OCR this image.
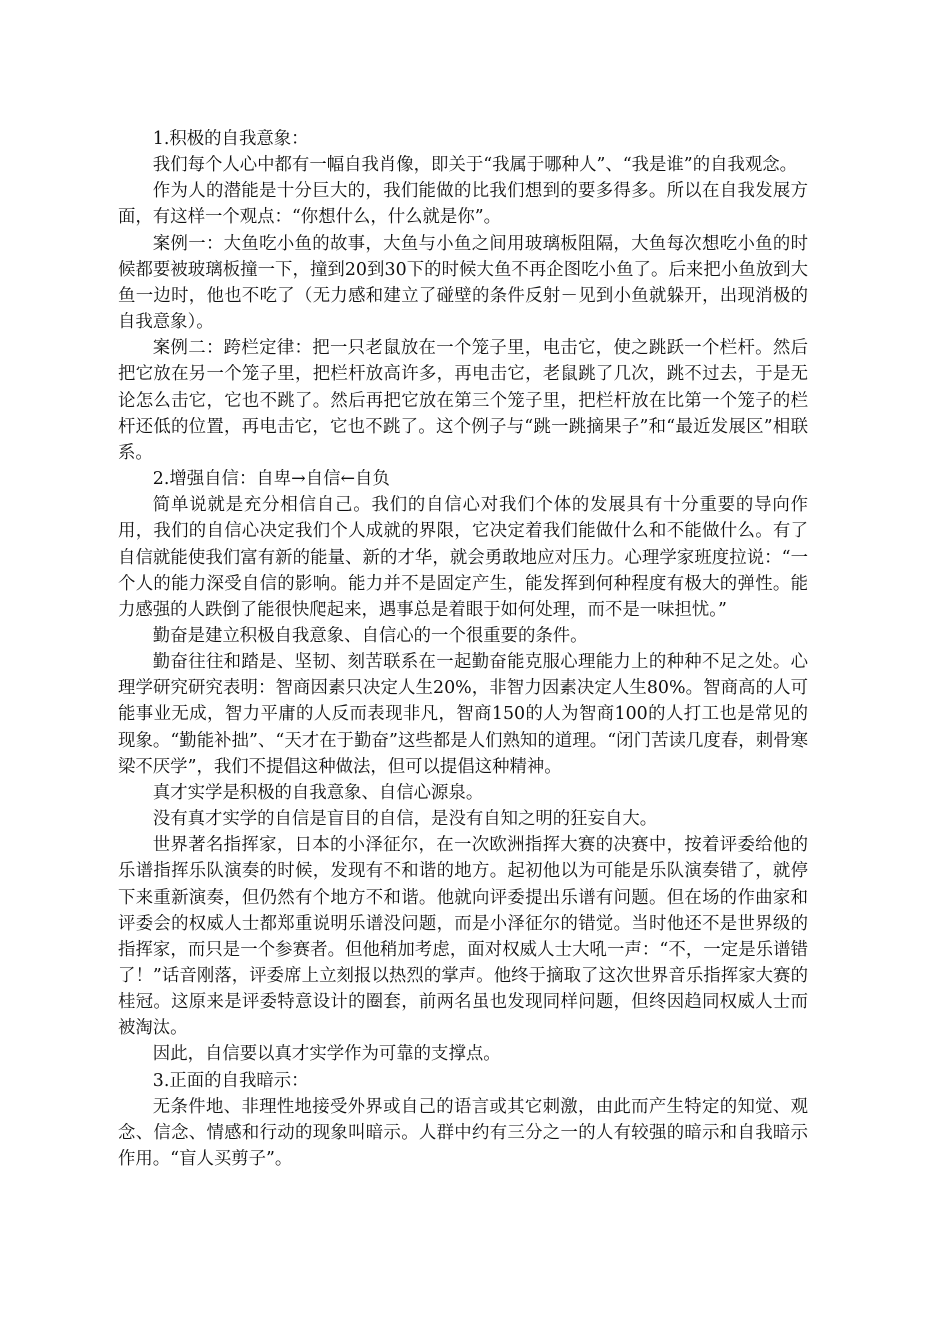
1.积极的自我意象：

我们每个人心中都有一幅自我肖像，即关于“我属于哪种人”、“我是谁”的自我观念。

作为人的潜能是十分巨大的，我们能做的比我们想到的要多得多。所以在自我发展方面，有这样一个观点：“你想什么，什么就是你”。

案例一：大鱼吃小鱼的故事，大鱼与小鱼之间用玻璃板阻隔，大鱼每次想吃小鱼的时候都要被玻璃板撞一下，撞到20到30下的时候大鱼不再企图吃小鱼了。后来把小鱼放到大鱼一边时，他也不吃了（无力感和建立了碰壁的条件反射－见到小鱼就躲开，出现消极的自我意象）。

案例二：跨栏定律：把一只老鼠放在一个笼子里，电击它，使之跳跃一个栏杆。然后把它放在另一个笼子里，把栏杆放高许多，再电击它，老鼠跳了几次，跳不过去，于是无论怎么击它，它也不跳了。然后再把它放在第三个笼子里，把栏杆放在比第一个笼子的栏杆还低的位置，再电击它，它也不跳了。这个例子与“跳一跳摘果子”和“最近发展区”相联系。

2.增强自信：自卑→自信←自负

简单说就是充分相信自己。我们的自信心对我们个体的发展具有十分重要的导向作用，我们的自信心决定我们个人成就的界限，它决定着我们能做什么和不能做什么。有了自信就能使我们富有新的能量、新的才华，就会勇敢地应对压力。心理学家班度拉说：“一个人的能力深受自信的影响。能力并不是固定产生，能发挥到何种程度有极大的弹性。能力感强的人跌倒了能很快爬起来，遇事总是着眼于如何处理，而不是一味担忧。”

勤奋是建立积极自我意象、自信心的一个很重要的条件。

勤奋往往和踏是、坚韧、刻苦联系在一起勤奋能克服心理能力上的种种不足之处。心理学研究研究表明：智商因素只决定人生20%，非智力因素决定人生80%。智商高的人可能事业无成，智力平庸的人反而表现非凡，智商150的人为智商100的人打工也是常见的现象。“勤能补拙”、“天才在于勤奋”这些都是人们熟知的道理。“闭门苦读几度春，刺骨寒梁不厌学”，我们不提倡这种做法，但可以提倡这种精神。

真才实学是积极的自我意象、自信心源泉。

没有真才实学的自信是盲目的自信，是没有自知之明的狂妄自大。

世界著名指挥家，日本的小泽征尔，在一次欧洲指挥大赛的决赛中，按着评委给他的乐谱指挥乐队演奏的时候，发现有不和谐的地方。起初他以为可能是乐队演奏错了，就停下来重新演奏，但仍然有个地方不和谐。他就向评委提出乐谱有问题。但在场的作曲家和评委会的权威人士都郑重说明乐谱没问题，而是小泽征尔的错觉。当时他还不是世界级的指挥家，而只是一个参赛者。但他稍加考虑，面对权威人士大吼一声：“不，一定是乐谱错了！”话音刚落，评委席上立刻报以热烈的掌声。他终于摘取了这次世界音乐指挥家大赛的桂冠。这原来是评委特意设计的圈套，前两名虽也发现同样问题，但终因趋同权威人士而被淘汰。

因此，自信要以真才实学作为可靠的支撑点。

3.正面的自我暗示：

无条件地、非理性地接受外界或自己的语言或其它刺激，由此而产生特定的知觉、观念、信念、情感和行动的现象叫暗示。人群中约有三分之一的人有较强的暗示和自我暗示作用。“盲人买剪子”。
